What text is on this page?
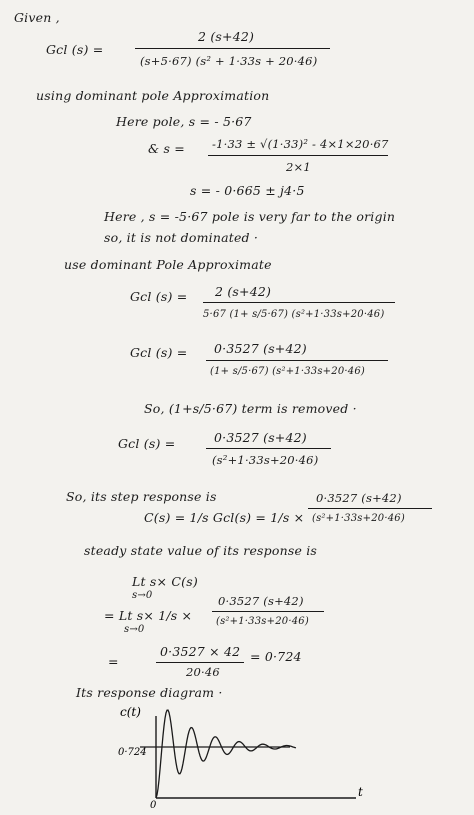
Given ,
Gcl (s) =
2 (s+42)
(s+5·67) (s² + 1·33s + 20·46)
using dominant pole Approximation
Here pole, s = - 5·67
& s = -1·33 ± √(1·33)² - 4×1×20·67
2×1
s = - 0·665 ± j4·5
Here , s = -5·67 pole is very far to the origin
so, it is not dominated ·
use dominant Pole Approximate
Gcl (s) = 2 (s+42)
5·67 (1+ s/5·67) (s²+1·33s+20·46)
Gcl (s) = 0·3527 (s+42)
(1+ s/5·67) (s²+1·33s+20·46)
So, (1+s/5·67) term is removed ·
Gcl (s) =	0·3527 (s+42)
(s²+1·33s+20·46)
So, its step response is
C(s) = 1/s Gcl(s) = 1/s ×
0·3527 (s+42)
(s²+1·33s+20·46)
steady state value of its response is
Lt s× C(s)
s→0
= Lt s× 1/s ×
s→0
0·3527 (s+42)
(s²+1·33s+20·46)
=
0·3527 × 42
20·46
= 0·724
Its response diagram ·
c(t)
t
0·724
0
